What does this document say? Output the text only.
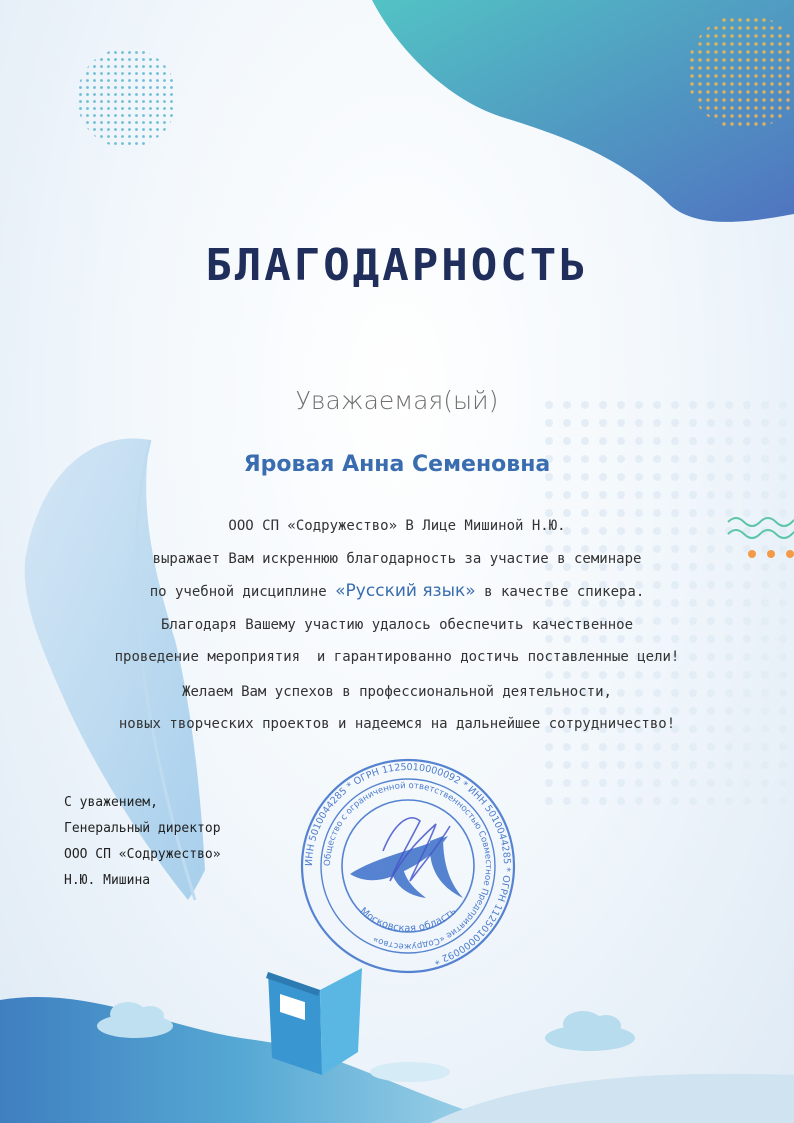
БЛАГОДАРНОСТЬ
Уважаемая(ый)
Яровая Анна Семеновна
ООО СП «Содружество» В Лице Мишиной Н.Ю.
выражает Вам искреннюю благодарность за участие в семинаре
по учебной дисциплине «Русский язык» в качестве спикера.
Благодаря Вашему участию удалось обеспечить качественное
проведение мероприятия  и гарантированно достичь поставленные цели!
Желаем Вам успехов в профессиональной деятельности,
новых творческих проектов и надеемся на дальнейшее сотрудничество!
С уважением,
Генеральный директор
ООО СП «Содружество»
Н.Ю. Мишина
ИНН 5010044285 * ОГРН 1125010000092 * ИНН 5010044285 * ОГРН 1125010000092 *
Общество с ограниченной ответственностью Совместное Предприятие «Содружество»
Московская область
